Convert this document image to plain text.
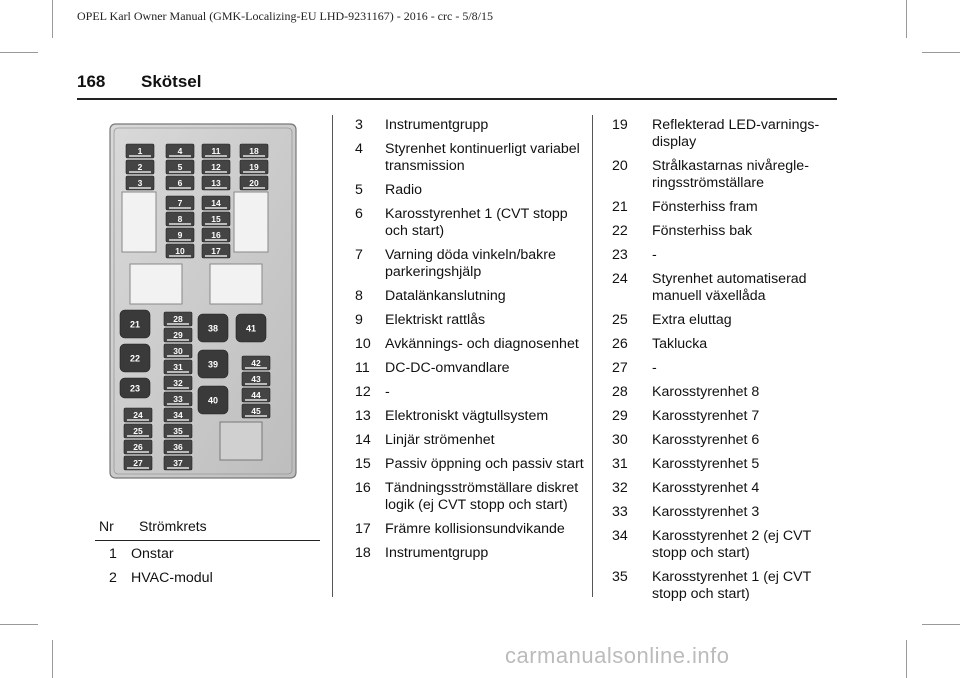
OPEL Karl Owner Manual (GMK-Localizing-EU LHD-9231167) - 2016 - crc - 5/8/15
168 Skötsel
1
2
3
4
5
6
11
12
13
18
19
20
7
8
9
10
14
15
16
17
21
22
23
28
29
30
31
32
33
34
35
36
37
38
39
40
41
42
43
44
45
24
25
26
27
Nr	Strömkrets
1 Onstar
2 HVAC-modul
3	Instrumentgrupp
4	Styrenhet kontinuerligt variabel transmission
5	Radio
6	Karosstyrenhet 1 (CVT stopp och start)
7	Varning döda vinkeln/bakre parkeringshjälp
8	Datalänkanslutning
9	Elektriskt rattlås
10	Avkännings- och diagnosenhet
11	DC-DC-omvandlare
12	-
13	Elektroniskt vägtullsystem
14	Linjär strömenhet
15	Passiv öppning och passiv start
16	Tändningsströmställare diskret logik (ej CVT stopp och start)
17	Främre kollisionsundvikande
18	Instrumentgrupp
19	Reflekterad LED-varningsdisplay
20	Strålkastarnas nivåregleringsströmställare
21	Fönsterhiss fram
22	Fönsterhiss bak
23	-
24	Styrenhet automatiserad manuell växellåda
25	Extra eluttag
26	Taklucka
27	-
28	Karosstyrenhet 8
29	Karosstyrenhet 7
30	Karosstyrenhet 6
31	Karosstyrenhet 5
32	Karosstyrenhet 4
33	Karosstyrenhet 3
34	Karosstyrenhet 2 (ej CVT stopp och start)
35	Karosstyrenhet 1 (ej CVT stopp och start)
carmanualsonline.info
